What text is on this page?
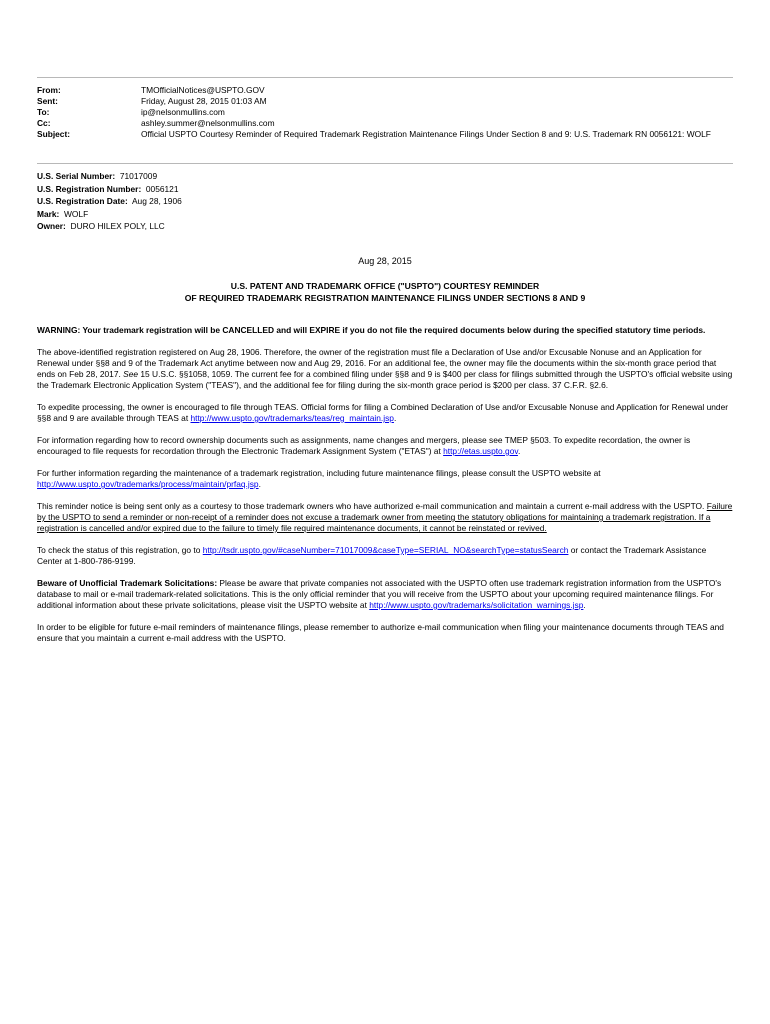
From:	TMOfficialNotices@USPTO.GOV
Sent:	Friday, August 28, 2015 01:03 AM
To:	ip@nelsonmullins.com
Cc:	ashley.summer@nelsonmullins.com
Subject:	Official USPTO Courtesy Reminder of Required Trademark Registration Maintenance Filings Under Section 8 and 9: U.S. Trademark RN 0056121: WOLF
U.S. Serial Number: 71017009
U.S. Registration Number: 0056121
U.S. Registration Date: Aug 28, 1906
Mark: WOLF
Owner: DURO HILEX POLY, LLC
Aug 28, 2015
U.S. PATENT AND TRADEMARK OFFICE ("USPTO") COURTESY REMINDER
OF REQUIRED TRADEMARK REGISTRATION MAINTENANCE FILINGS UNDER SECTIONS 8 AND 9

WARNING: Your trademark registration will be CANCELLED and will EXPIRE if you do not file the required documents below during the specified statutory time periods.

The above-identified registration registered on Aug 28, 1906. Therefore, the owner of the registration must file a Declaration of Use and/or Excusable Nonuse and an Application for Renewal under §§8 and 9 of the Trademark Act anytime between now and Aug 29, 2016. For an additional fee, the owner may file the documents within the six-month grace period that ends on Feb 28, 2017. See 15 U.S.C. §§1058, 1059. The current fee for a combined filing under §§8 and 9 is $400 per class for filings submitted through the USPTO's official website using the Trademark Electronic Application System ("TEAS"), and the additional fee for filing during the six-month grace period is $200 per class. 37 C.F.R. §2.6.

To expedite processing, the owner is encouraged to file through TEAS. Official forms for filing a Combined Declaration of Use and/or Excusable Nonuse and Application for Renewal under §§8 and 9 are available through TEAS at http://www.uspto.gov/trademarks/teas/reg_maintain.jsp.

For information regarding how to record ownership documents such as assignments, name changes and mergers, please see TMEP §503. To expedite recordation, the owner is encouraged to file requests for recordation through the Electronic Trademark Assignment System ("ETAS") at http://etas.uspto.gov.

For further information regarding the maintenance of a trademark registration, including future maintenance filings, please consult the USPTO website at http://www.uspto.gov/trademarks/process/maintain/prfaq.jsp.

This reminder notice is being sent only as a courtesy to those trademark owners who have authorized e-mail communication and maintain a current e-mail address with the USPTO. Failure by the USPTO to send a reminder or non-receipt of a reminder does not excuse a trademark owner from meeting the statutory obligations for maintaining a trademark registration. If a registration is cancelled and/or expired due to the failure to timely file required maintenance documents, it cannot be reinstated or revived.

To check the status of this registration, go to http://tsdr.uspto.gov/#caseNumber=71017009&caseType=SERIAL_NO&searchType=statusSearch or contact the Trademark Assistance Center at 1-800-786-9199.

Beware of Unofficial Trademark Solicitations: Please be aware that private companies not associated with the USPTO often use trademark registration information from the USPTO's database to mail or e-mail trademark-related solicitations. This is the only official reminder that you will receive from the USPTO about your upcoming required maintenance filings. For additional information about these private solicitations, please visit the USPTO website at http://www.uspto.gov/trademarks/solicitation_warnings.jsp.

In order to be eligible for future e-mail reminders of maintenance filings, please remember to authorize e-mail communication when filing your maintenance documents through TEAS and ensure that you maintain a current e-mail address with the USPTO.
